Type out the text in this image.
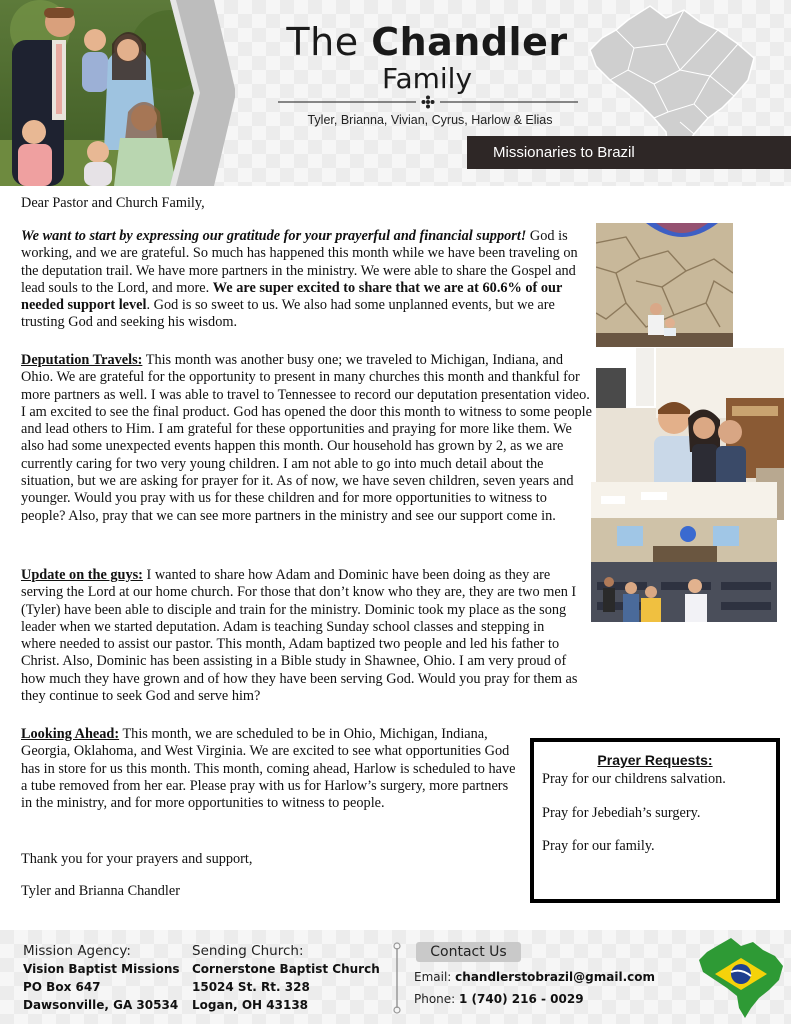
The Chandler
Family
Tyler, Brianna, Vivian, Cyrus, Harlow & Elias
Missionaries to Brazil
Dear Pastor and Church Family,
We want to start by expressing our gratitude for your prayerful and financial support! God is working, and we are grateful. So much has happened this month while we have been traveling on the deputation trail. We have more partners in the ministry. We were able to share the Gospel and lead souls to the Lord, and more. We are super excited to share that we are at 60.6% of our needed support level. God is so sweet to us. We also had some unplanned events, but we are trusting God and seeking his wisdom.
Deputation Travels: This month was another busy one; we traveled to Michigan, Indiana, and Ohio. We are grateful for the opportunity to present in many churches this month and thankful for more partners as well. I was able to travel to Tennessee to record our deputation presentation video. I am excited to see the final product. God has opened the door this month to witness to some people and lead others to Him. I am grateful for these opportunities and praying for more like them. We also had some unexpected events happen this month. Our household has grown by 2, as we are currently caring for two very young children. I am not able to go into much detail about the situation, but we are asking for prayer for it. As of now, we have seven children, seven years and younger. Would you pray with us for these children and for more opportunities to witness to people? Also, pray that we can see more partners in the ministry and see our support come in.
Update on the guys: I wanted to share how Adam and Dominic have been doing as they are serving the Lord at our home church. For those that don’t know who they are, they are two men I (Tyler) have been able to disciple and train for the ministry. Dominic took my place as the song leader when we started deputation. Adam is teaching Sunday school classes and stepping in where needed to assist our pastor. This month, Adam baptized two people and led his father to Christ. Also, Dominic has been assisting in a Bible study in Shawnee, Ohio. I am very proud of how much they have grown and of how they have been serving God. Would you pray for them as they continue to seek God and serve him?
Looking Ahead: This month, we are scheduled to be in Ohio, Michigan, Indiana, Georgia, Oklahoma, and West Virginia. We are excited to see what opportunities God has in store for us this month. This month, coming ahead, Harlow is scheduled to have a tube removed from her ear. Please pray with us for Harlow’s surgery, more partners in the ministry, and for more opportunities to witness to people.
Thank you for your prayers and support,
Tyler and Brianna Chandler
Prayer Requests:
Pray for our childrens salvation.
Pray for Jebediah’s surgery.
Pray for our family.
Mission Agency:
Vision Baptist Missions
PO Box 647
Dawsonville, GA 30534
Sending Church:
Cornerstone Baptist Church
15024 St. Rt. 328
Logan, OH 43138
Contact Us
Email: chandlerstobrazil@gmail.com
Phone: 1 (740) 216 - 0029
